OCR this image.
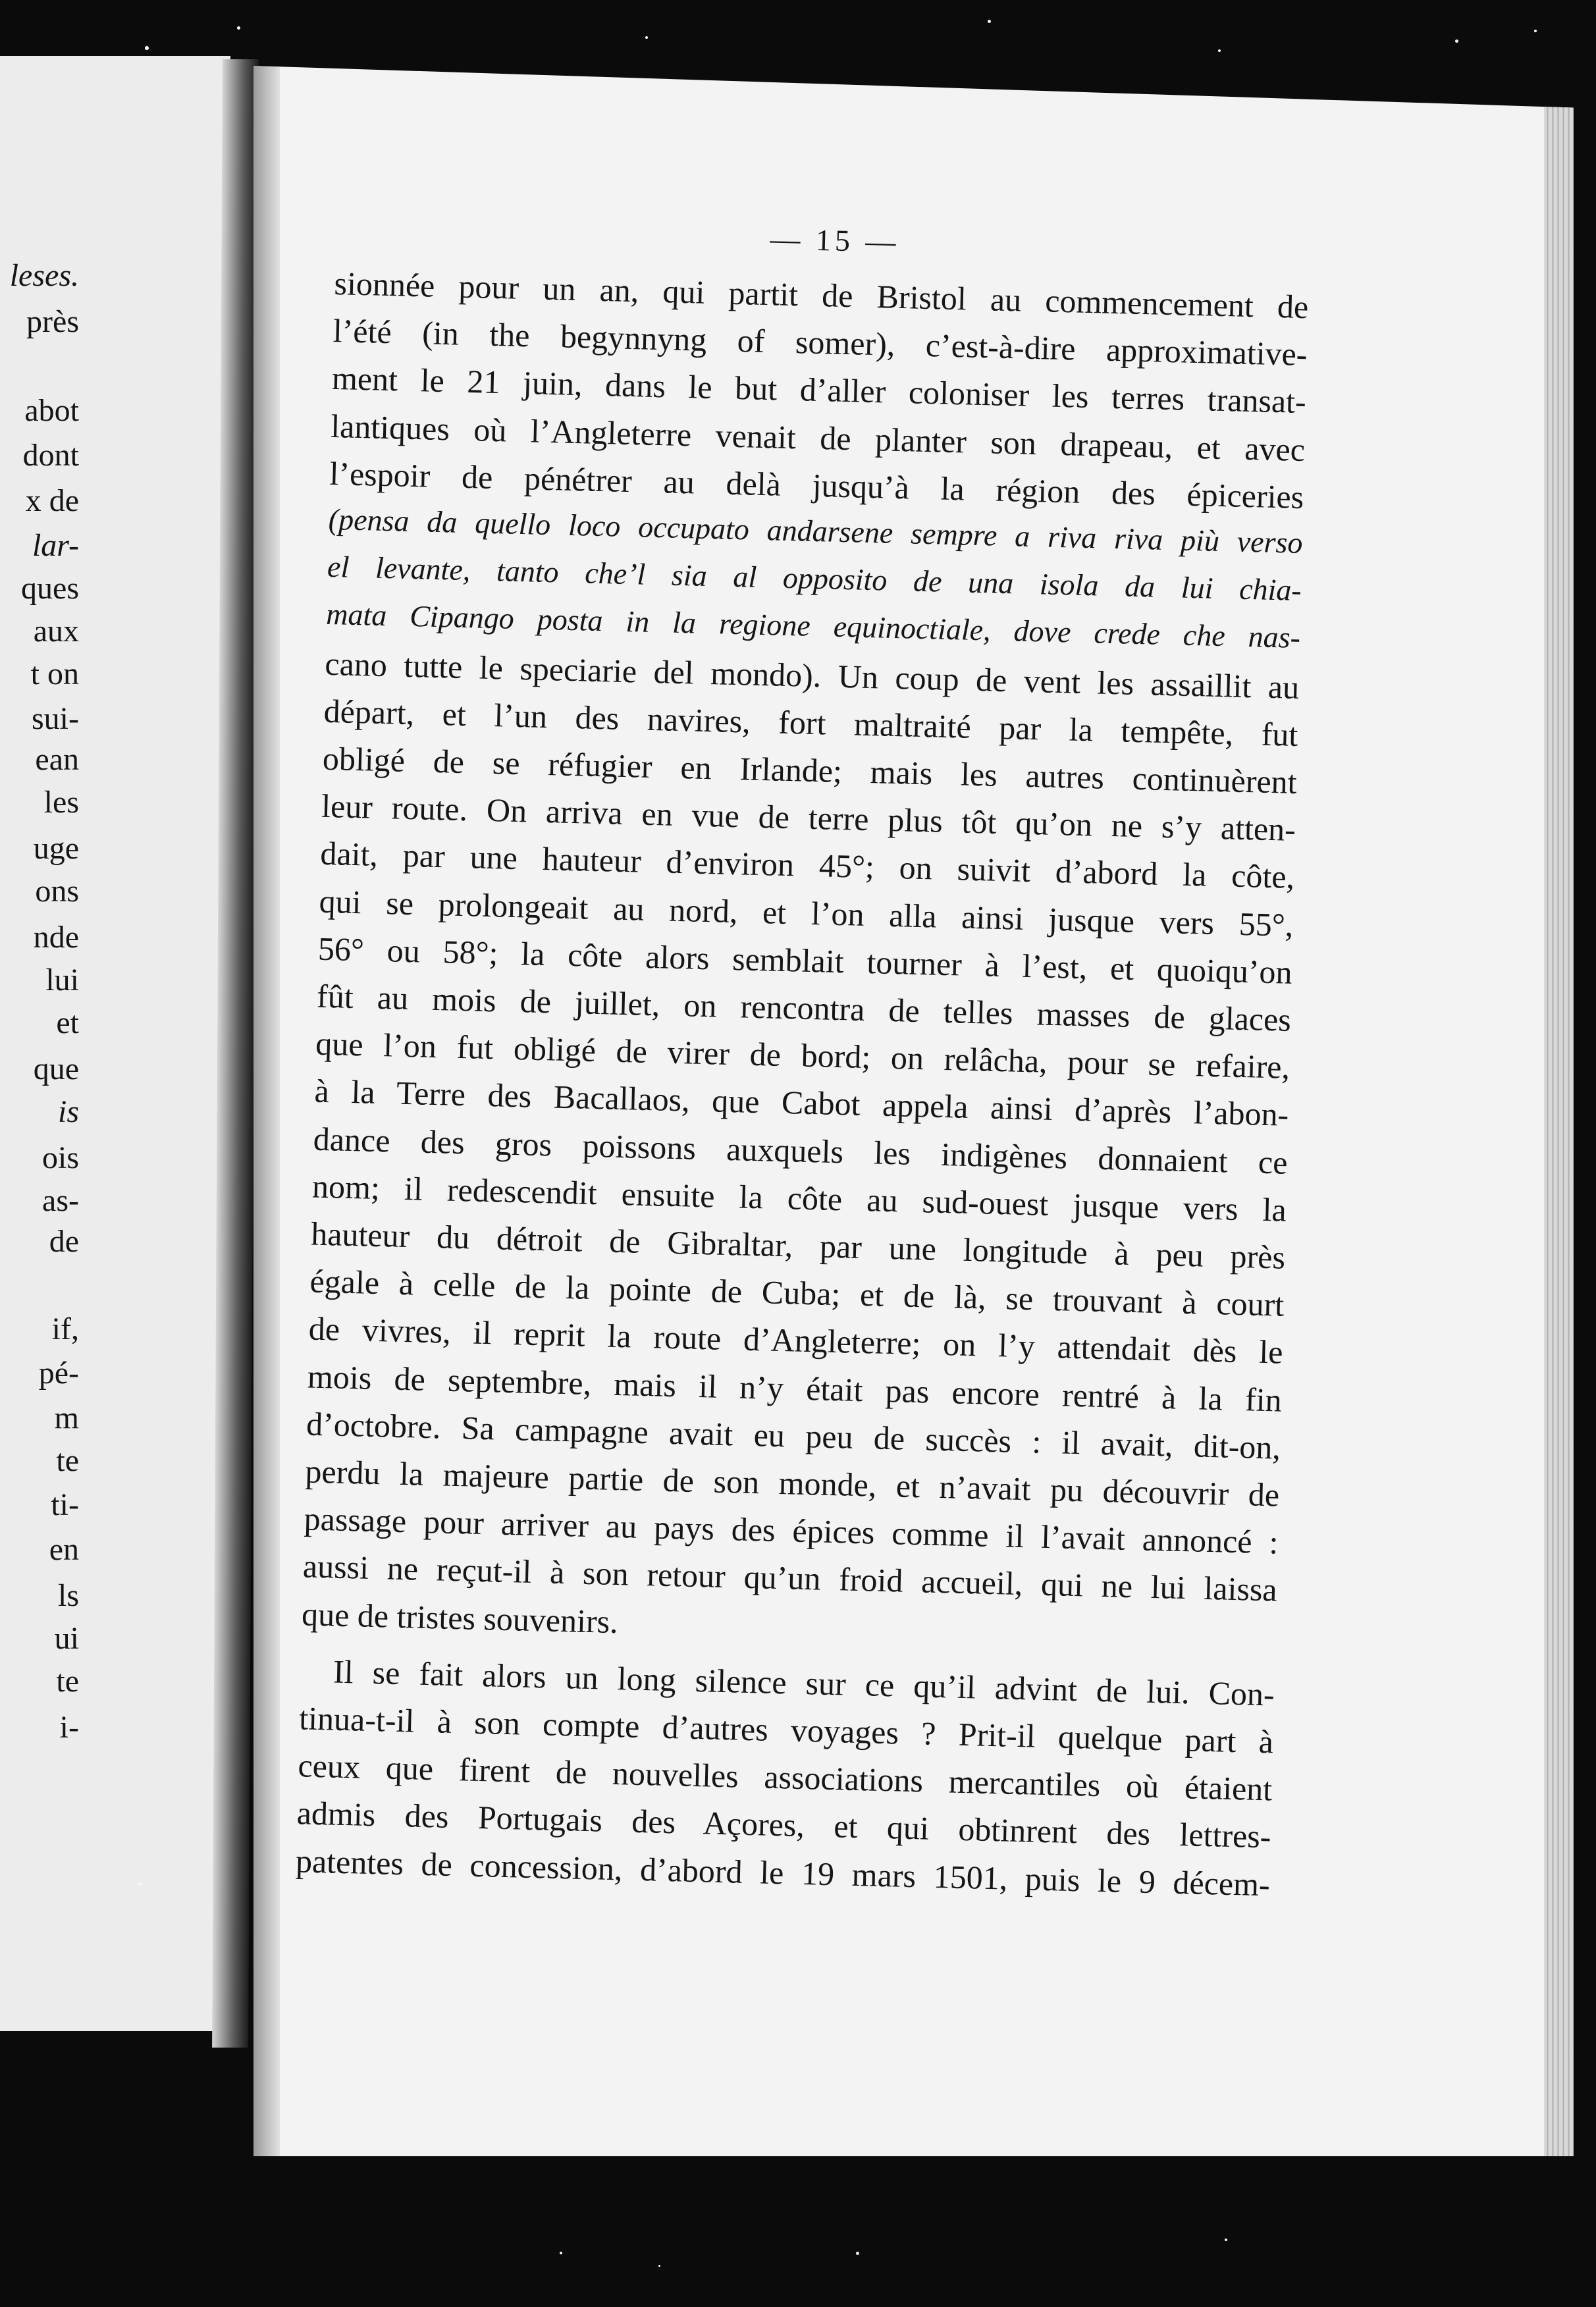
— 15 —
sionnée pour un an, qui partit de Bristol au commencement de
l’été (in the begynnyng of somer), c’est-à-dire approximative-
ment le 21 juin, dans le but d’aller coloniser les terres transat-
lantiques où l’Angleterre venait de planter son drapeau, et avec
l’espoir de pénétrer au delà jusqu’à la région des épiceries
(pensa da quello loco occupato andarsene sempre a riva riva più verso
el levante, tanto che’l sia al opposito de una isola da lui chia-
mata Cipango posta in la regione equinoctiale, dove crede che nas-
cano tutte le speciarie del mondo). Un coup de vent les assaillit au
départ, et l’un des navires, fort maltraité par la tempête, fut
obligé de se réfugier en Irlande; mais les autres continuèrent
leur route. On arriva en vue de terre plus tôt qu’on ne s’y atten-
dait, par une hauteur d’environ 45°; on suivit d’abord la côte,
qui se prolongeait au nord, et l’on alla ainsi jusque vers 55°,
56° ou 58°; la côte alors semblait tourner à l’est, et quoiqu’on
fût au mois de juillet, on rencontra de telles masses de glaces
que l’on fut obligé de virer de bord; on relâcha, pour se refaire,
à la Terre des Bacallaos, que Cabot appela ainsi d’après l’abon-
dance des gros poissons auxquels les indigènes donnaient ce
nom; il redescendit ensuite la côte au sud-ouest jusque vers la
hauteur du détroit de Gibraltar, par une longitude à peu près
égale à celle de la pointe de Cuba; et de là, se trouvant à court
de vivres, il reprit la route d’Angleterre; on l’y attendait dès le
mois de septembre, mais il n’y était pas encore rentré à la fin
d’octobre. Sa campagne avait eu peu de succès : il avait, dit-on,
perdu la majeure partie de son monde, et n’avait pu découvrir de
passage pour arriver au pays des épices comme il l’avait annoncé :
aussi ne reçut-il à son retour qu’un froid accueil, qui ne lui laissa
que de tristes souvenirs.
Il se fait alors un long silence sur ce qu’il advint de lui. Con-
tinua-t-il à son compte d’autres voyages ? Prit-il quelque part à
ceux que firent de nouvelles associations mercantiles où étaient
admis des Portugais des Açores, et qui obtinrent des lettres-
patentes de concession, d’abord le 19 mars 1501, puis le 9 décem-
leses.
près
abot
dont
x de
lar-
ques
aux
t on
sui-
ean
les
uge
ons
nde
lui
et
que
is
ois
as-
de
if,
pé-
m
te
ti-
en
ls
ui
te
i-
